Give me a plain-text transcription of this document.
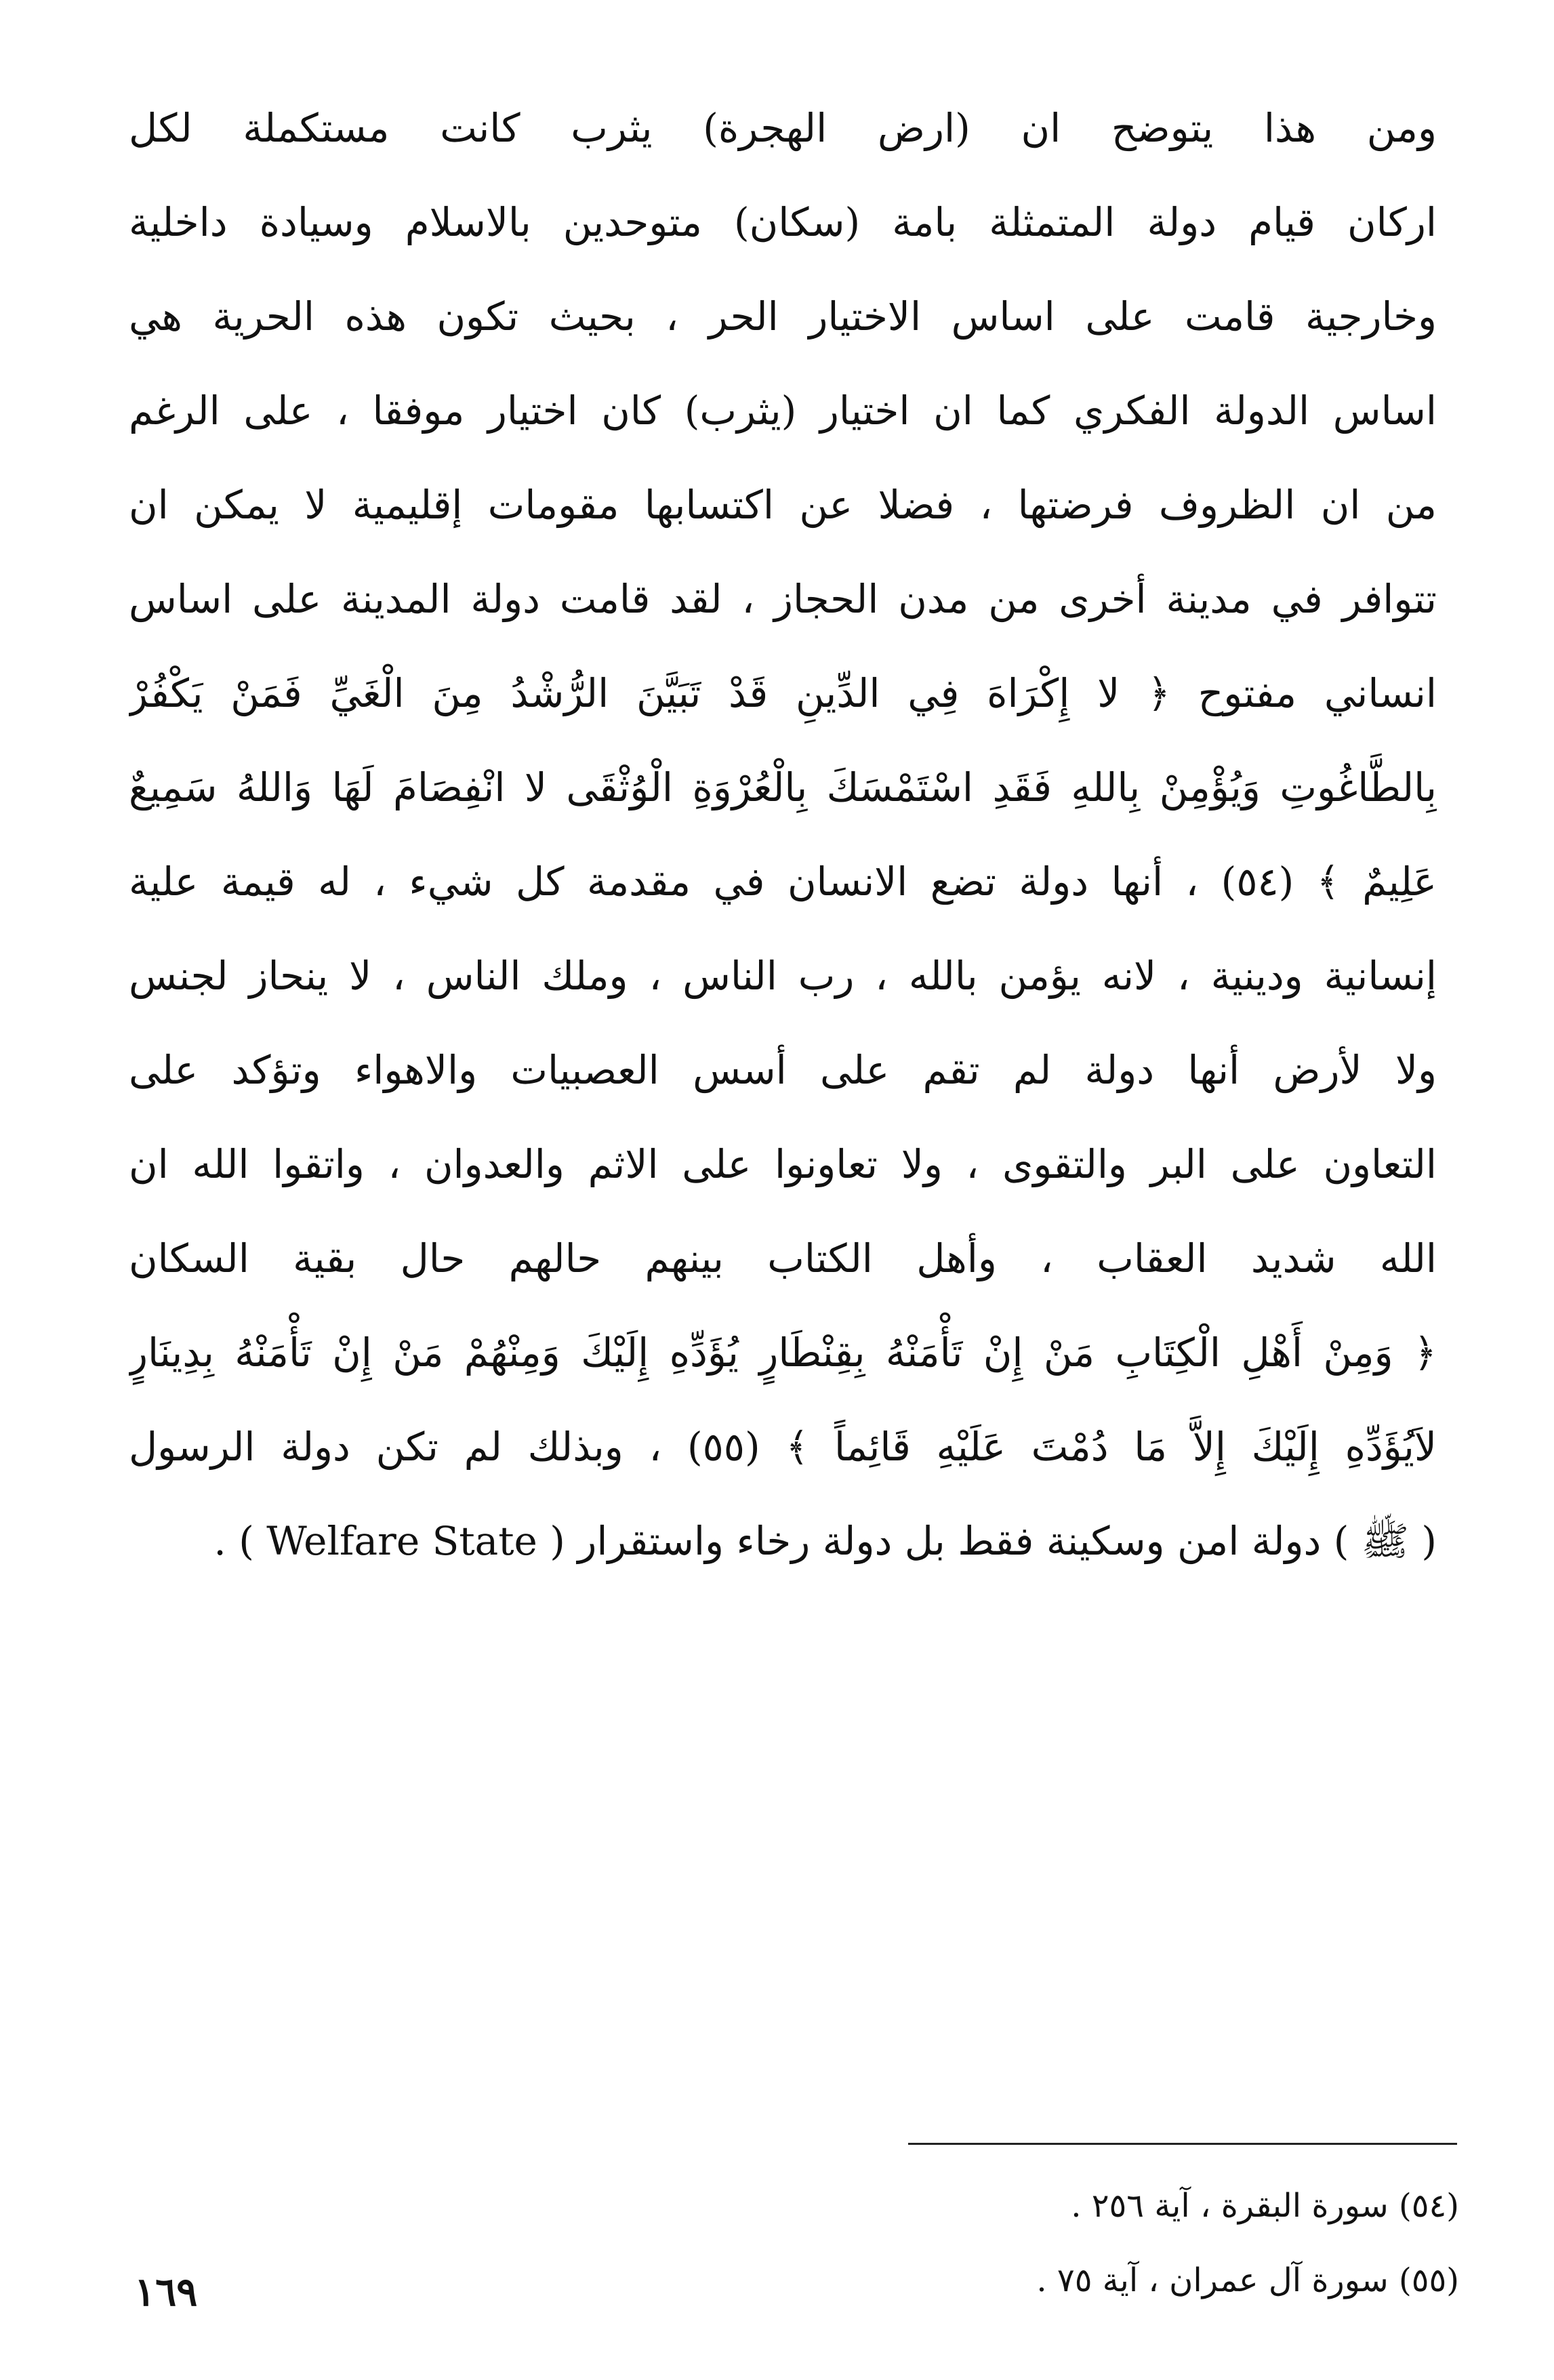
ومن هذا يتوضح ان (ارض الهجرة) يثرب كانت مستكملة لكل
اركان قيام دولة المتمثلة بامة (سكان) متوحدين بالاسلام وسيادة داخلية
وخارجية قامت على اساس الاختيار الحر ، بحيث تكون هذه الحرية هي
اساس الدولة الفكري كما ان اختيار (يثرب) كان اختيار موفقا ، على الرغم
من ان الظروف فرضتها ، فضلا عن اكتسابها مقومات إقليمية لا يمكن ان
تتوافر في مدينة أخرى من مدن الحجاز ، لقد قامت دولة المدينة على اساس
انساني مفتوح ﴿ لا إِكْرَاهَ فِي الدِّينِ قَدْ تَبَيَّنَ الرُّشْدُ مِنَ الْغَيِّ فَمَنْ يَكْفُرْ
بِالطَّاغُوتِ وَيُؤْمِنْ بِاللهِ فَقَدِ اسْتَمْسَكَ بِالْعُرْوَةِ الْوُثْقَى لا انْفِصَامَ لَهَا وَاللهُ سَمِيعٌ
عَلِيمٌ ﴾ (٥٤) ، أنها دولة تضع الانسان في مقدمة كل شيء ، له قيمة علية
إنسانية ودينية ، لانه يؤمن بالله ، رب الناس ، وملك الناس ، لا ينحاز لجنس
ولا لأرض أنها دولة لم تقم على أسس العصبيات والاهواء وتؤكد على
التعاون على البر والتقوى ، ولا تعاونوا على الاثم والعدوان ، واتقوا الله ان
الله شديد العقاب ، وأهل الكتاب بينهم حالهم حال بقية السكان
﴿ وَمِنْ أَهْلِ الْكِتَابِ مَنْ إِنْ تَأْمَنْهُ بِقِنْطَارٍ يُؤَدِّهِ إِلَيْكَ وَمِنْهُمْ مَنْ إِنْ تَأْمَنْهُ بِدِينَارٍ
لاَيُؤَدِّهِ إِلَيْكَ إِلاَّ مَا دُمْتَ عَلَيْهِ قَائِماً ﴾ (٥٥) ، وبذلك لم تكن دولة الرسول
( ﷺ ) دولة امن وسكينة فقط بل دولة رخاء واستقرار ( Welfare State ) .
(٥٤) سورة البقرة ، آية ٢٥٦ .
(٥٥) سورة آل عمران ، آية ٧٥ .
١٦٩
